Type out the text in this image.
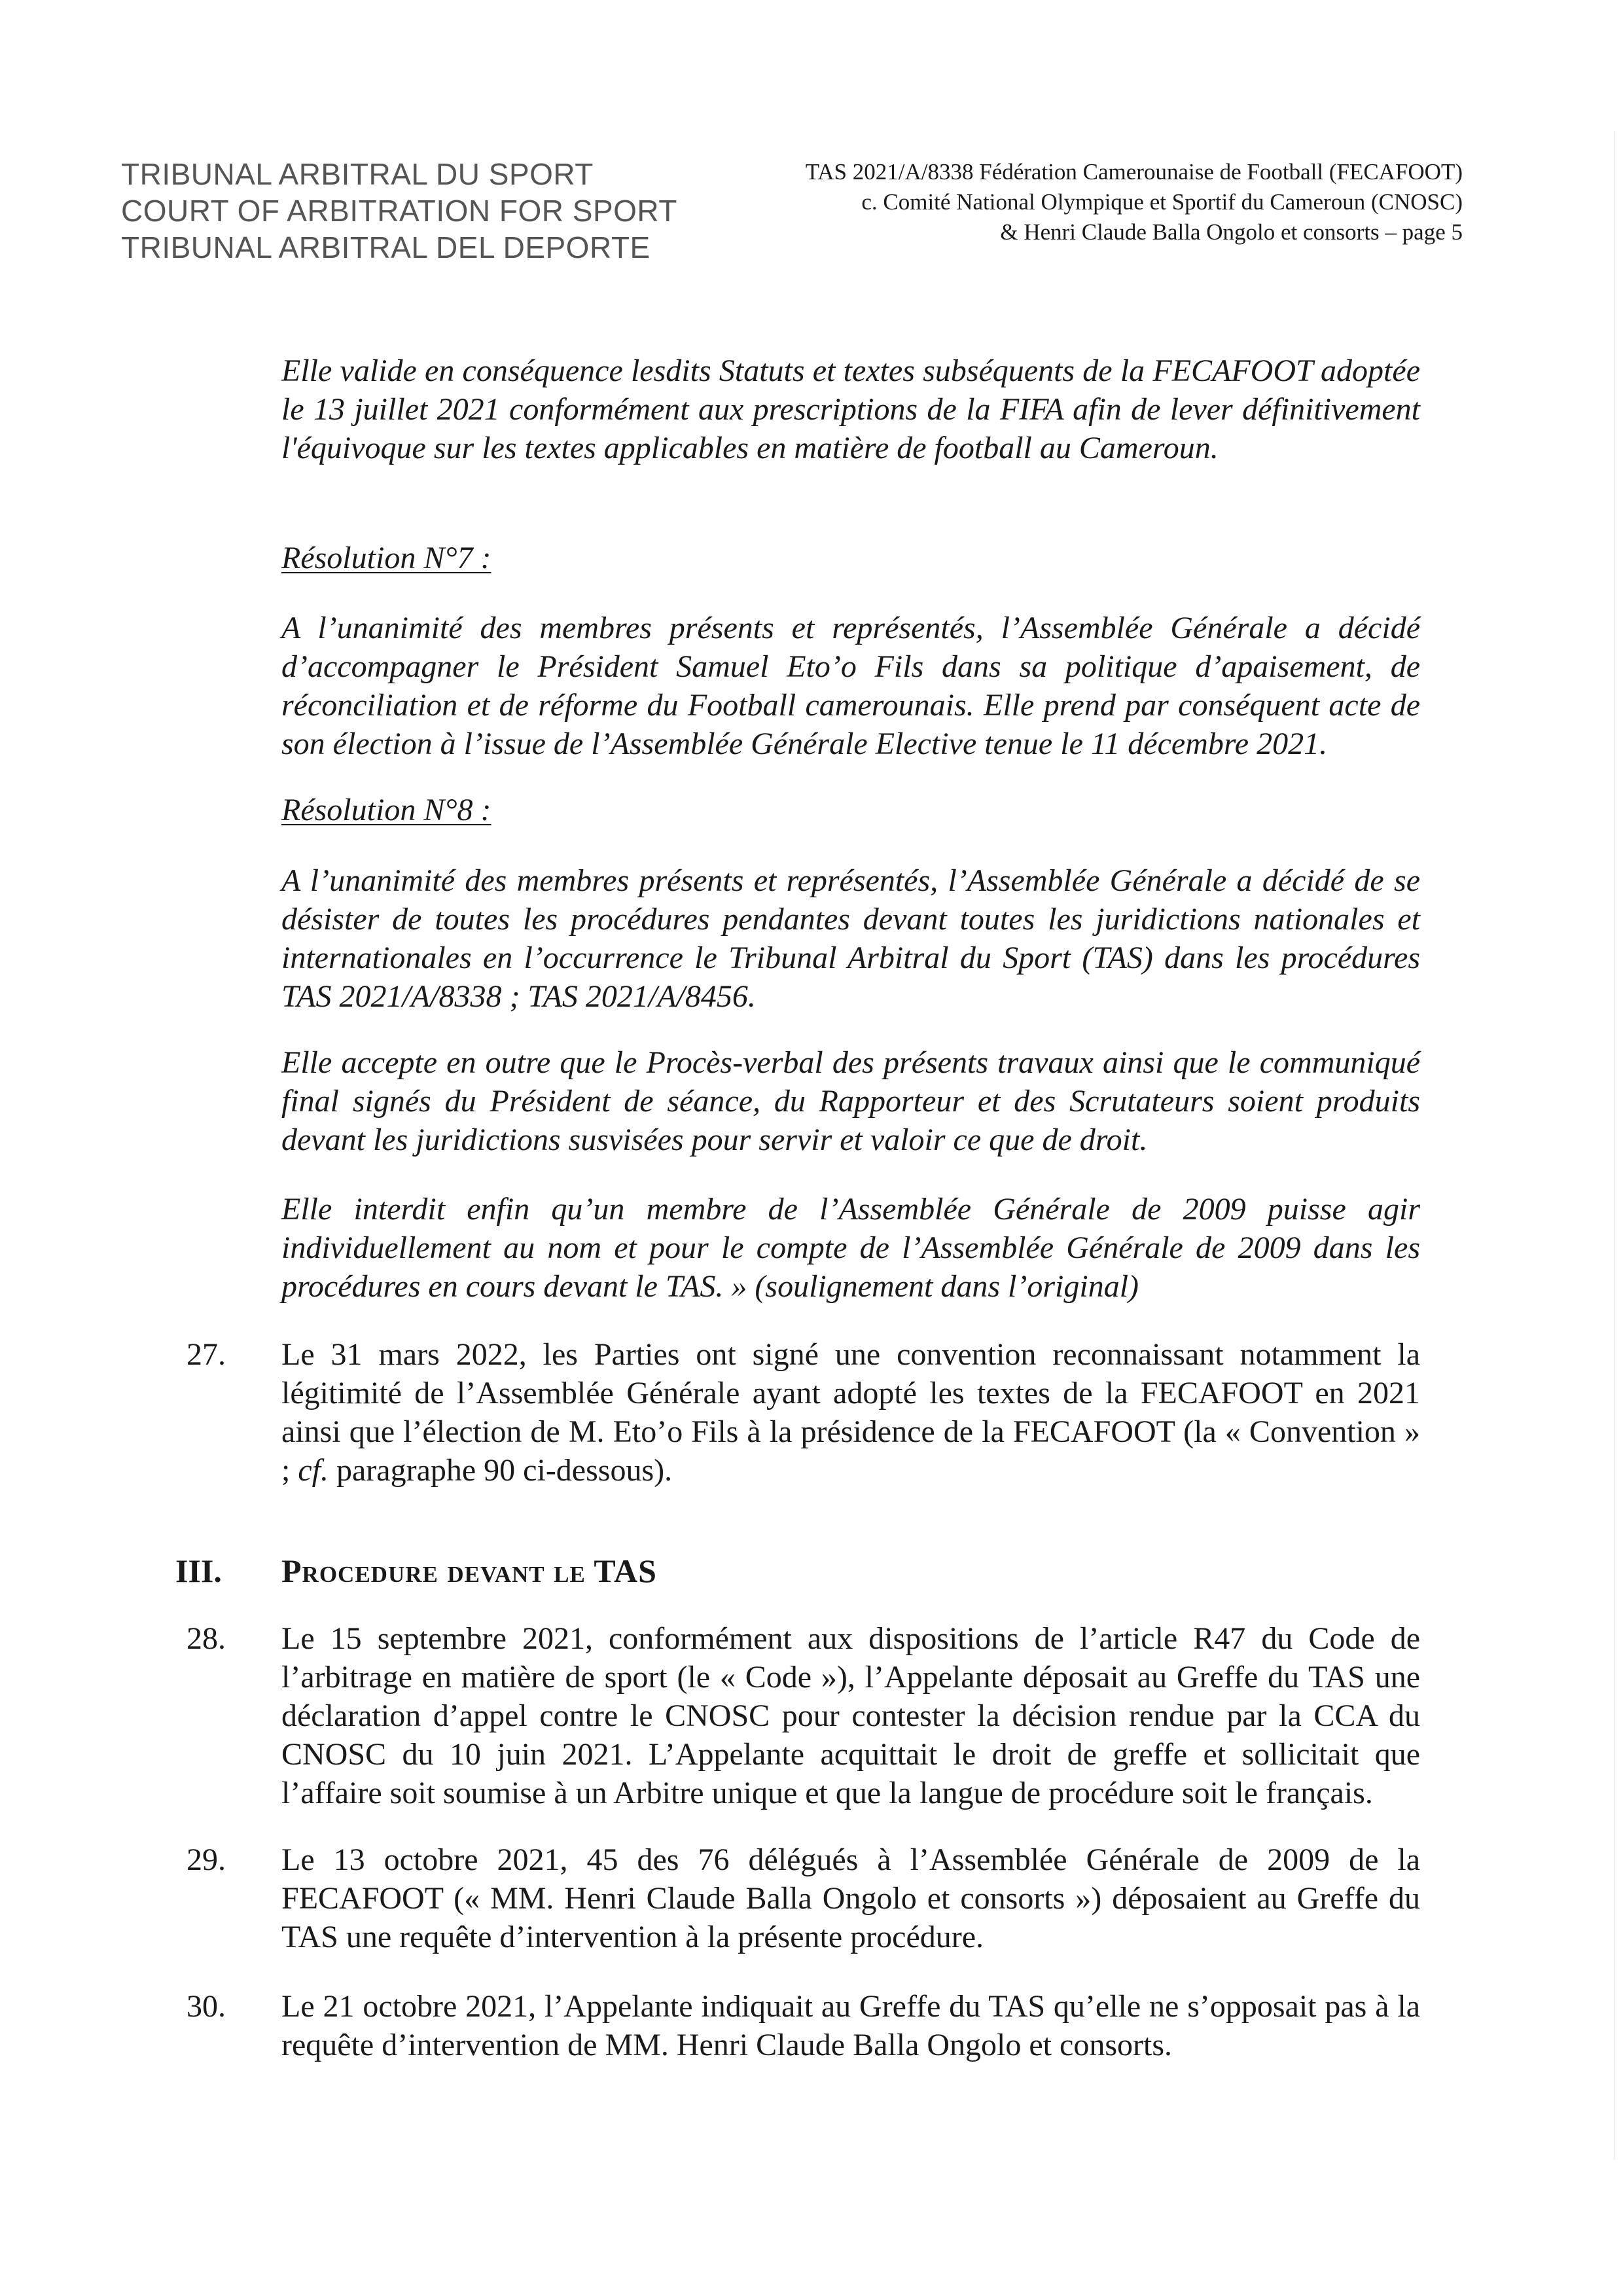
TRIBUNAL ARBITRAL DU SPORT
COURT OF ARBITRATION FOR SPORT
TRIBUNAL ARBITRAL DEL DEPORTE
TAS 2021/A/8338 Fédération Camerounaise de Football (FECAFOOT)
c. Comité National Olympique et Sportif du Cameroun (CNOSC)
& Henri Claude Balla Ongolo et consorts – page 5

Elle valide en conséquence lesdits Statuts et textes subséquents de la FECAFOOT adoptée le 13 juillet 2021 conformément aux prescriptions de la FIFA afin de lever définitivement l'équivoque sur les textes applicables en matière de football au Cameroun.

Résolution N°7 :

A l’unanimité des membres présents et représentés, l’Assemblée Générale a décidé d’accompagner le Président Samuel Eto’o Fils dans sa politique d’apaisement, de réconciliation et de réforme du Football camerounais. Elle prend par conséquent acte de son élection à l’issue de l’Assemblée Générale Elective tenue le 11 décembre 2021.

Résolution N°8 :

A l’unanimité des membres présents et représentés, l’Assemblée Générale a décidé de se désister de toutes les procédures pendantes devant toutes les juridictions nationales et internationales en l’occurrence le Tribunal Arbitral du Sport (TAS) dans les procédures TAS 2021/A/8338 ; TAS 2021/A/8456.

Elle accepte en outre que le Procès-verbal des présents travaux ainsi que le communiqué final signés du Président de séance, du Rapporteur et des Scrutateurs soient produits devant les juridictions susvisées pour servir et valoir ce que de droit.

Elle interdit enfin qu’un membre de l’Assemblée Générale de 2009 puisse agir individuellement au nom et pour le compte de l’Assemblée Générale de 2009 dans les procédures en cours devant le TAS. » (soulignement dans l’original)

27. Le 31 mars 2022, les Parties ont signé une convention reconnaissant notamment la légitimité de l’Assemblée Générale ayant adopté les textes de la FECAFOOT en 2021 ainsi que l’élection de M. Eto’o Fils à la présidence de la FECAFOOT (la « Convention » ; cf. paragraphe 90 ci-dessous).

III. Procedure devant le TAS
28. Le 15 septembre 2021, conformément aux dispositions de l’article R47 du Code de l’arbitrage en matière de sport (le « Code »), l’Appelante déposait au Greffe du TAS une déclaration d’appel contre le CNOSC pour contester la décision rendue par la CCA du CNOSC du 10 juin 2021. L’Appelante acquittait le droit de greffe et sollicitait que l’affaire soit soumise à un Arbitre unique et que la langue de procédure soit le français.

29. Le 13 octobre 2021, 45 des 76 délégués à l’Assemblée Générale de 2009 de la FECAFOOT (« MM. Henri Claude Balla Ongolo et consorts ») déposaient au Greffe du TAS une requête d’intervention à la présente procédure.

30. Le 21 octobre 2021, l’Appelante indiquait au Greffe du TAS qu’elle ne s’opposait pas à la requête d’intervention de MM. Henri Claude Balla Ongolo et consorts.
